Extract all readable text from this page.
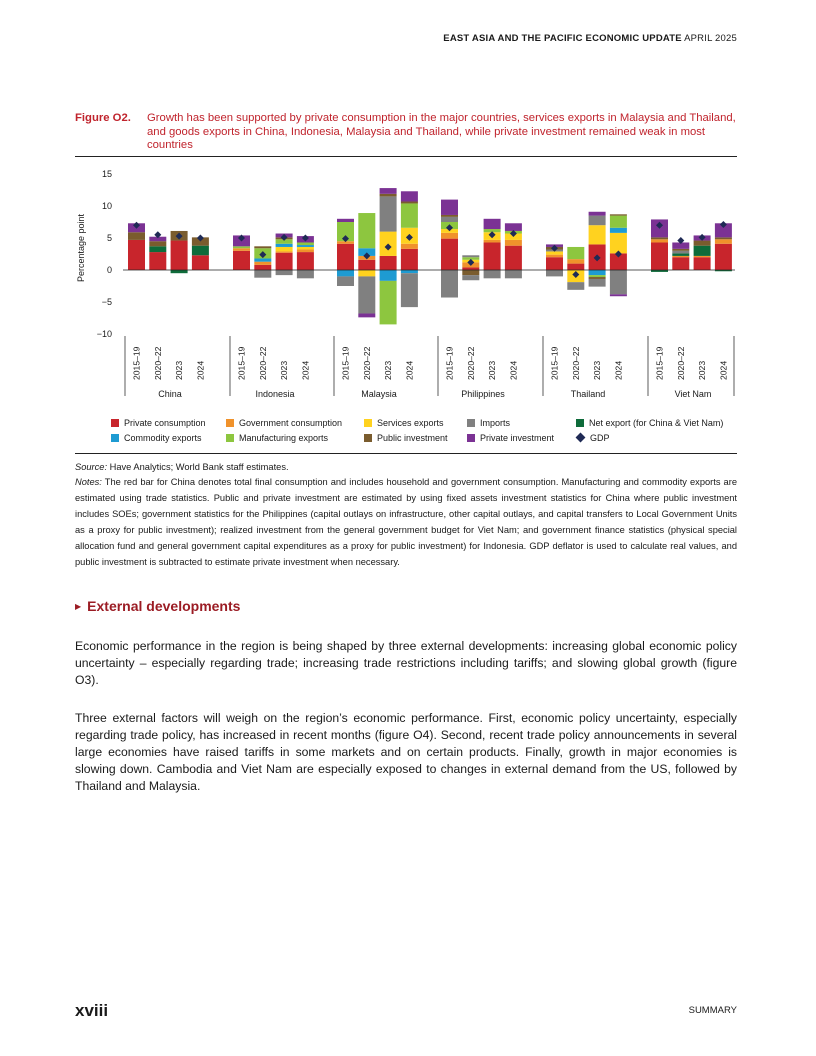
EAST ASIA AND THE PACIFIC ECONOMIC UPDATE APRIL 2025
Figure O2.	Growth has been supported by private consumption in the major countries, services exports in Malaysia and Thailand, and goods exports in China, Indonesia, Malaysia and Thailand, while private investment remained weak in most countries
Percentage point
15
10
5
0
−5
−10
2015–19 2020–22 2023 2024
China
2015–19 2020–22 2023 2024
Indonesia
2015–19 2020–22 2023 2024
Malaysia
2015–19 2020–22 2023 2024
Philippines
2015–19 2020–22 2023 2024
Thailand
2015–19 2020–22 2023 2024
Viet Nam
Private consumption	Government consumption	Services exports	Imports	Net export (for China & Viet Nam)
Commodity exports	Manufacturing exports	Public investment	Private investment	GDP
Source: Have Analytics; World Bank staff estimates.
Notes: The red bar for China denotes total final consumption and includes household and government consumption. Manufacturing and commodity exports are estimated using trade statistics. Public and private investment are estimated by using fixed assets investment statistics for China where public investment includes SOEs; government statistics for the Philippines (capital outlays on infrastructure, other capital outlays, and capital transfers to Local Government Units as a proxy for public investment); realized investment from the general government budget for Viet Nam; and government finance statistics (physical special allocation fund and general government capital expenditures as a proxy for public investment) for Indonesia. GDP deflator is used to calculate real values, and public investment is subtracted to estimate private investment when necessary.
▶ External developments
Economic performance in the region is being shaped by three external developments: increasing global economic policy uncertainty – especially regarding trade; increasing trade restrictions including tariffs; and slowing global growth (figure O3).
Three external factors will weigh on the region’s economic performance. First, economic policy uncertainty, especially regarding trade policy, has increased in recent months (figure O4). Second, recent trade policy announcements in several large economies have raised tariffs in some markets and on certain products. Finally, growth in major economies is slowing down. Cambodia and Viet Nam are especially exposed to changes in external demand from the US, followed by Thailand and Malaysia.
xviii	SUMMARY
